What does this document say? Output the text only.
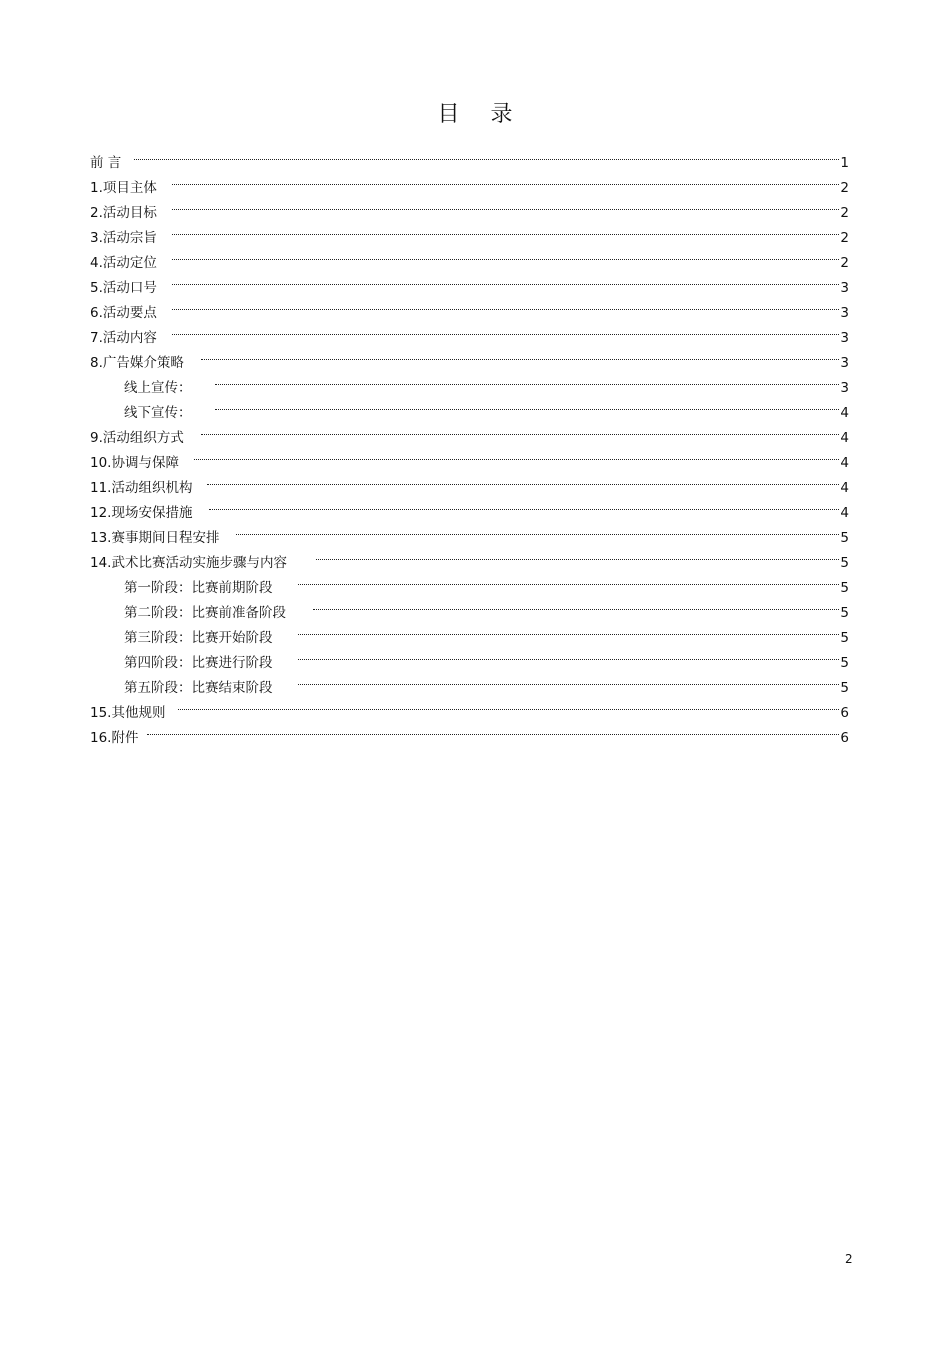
目 录
前 言	1
1.项目主体	2
2.活动目标	2
3.活动宗旨	2
4.活动定位	2
5.活动口号	3
6.活动要点	3
7.活动内容	3
8.广告媒介策略	3
线上宣传：	3
线下宣传：	4
9.活动组织方式	4
10.协调与保障	4
11.活动组织机构	4
12.现场安保措施	4
13.赛事期间日程安排	5
14.武术比赛活动实施步骤与内容	5
第一阶段：比赛前期阶段	5
第二阶段：比赛前准备阶段	5
第三阶段：比赛开始阶段	5
第四阶段：比赛进行阶段	5
第五阶段：比赛结束阶段	5
15.其他规则	6
16.附件	6
2
